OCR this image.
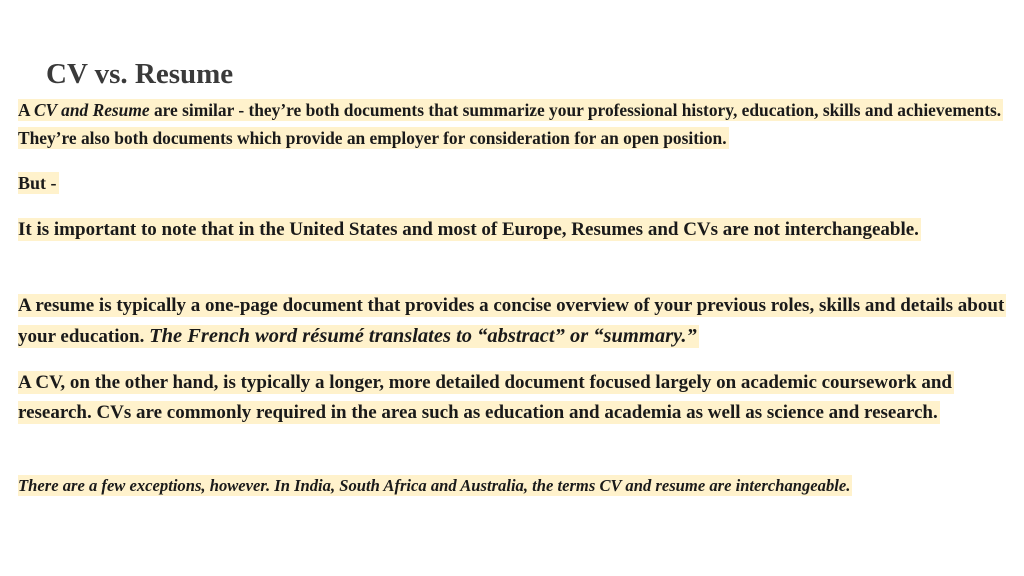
CV vs. Resume

A CV and Resume are similar - they’re both documents that summarize your professional history, education, skills and achievements. They’re also both documents which provide an employer for consideration for an open position.

But -

It is important to note that in the United States and most of Europe, Resumes and CVs are not interchangeable.

A resume is typically a one-page document that provides a concise overview of your previous roles, skills and details about your education. The French word résumé translates to “abstract” or “summary.”

A CV, on the other hand, is typically a longer, more detailed document focused largely on academic coursework and research. CVs are commonly required in the area such as education and academia as well as science and research.

There are a few exceptions, however. In India, South Africa and Australia, the terms CV and resume are interchangeable.
